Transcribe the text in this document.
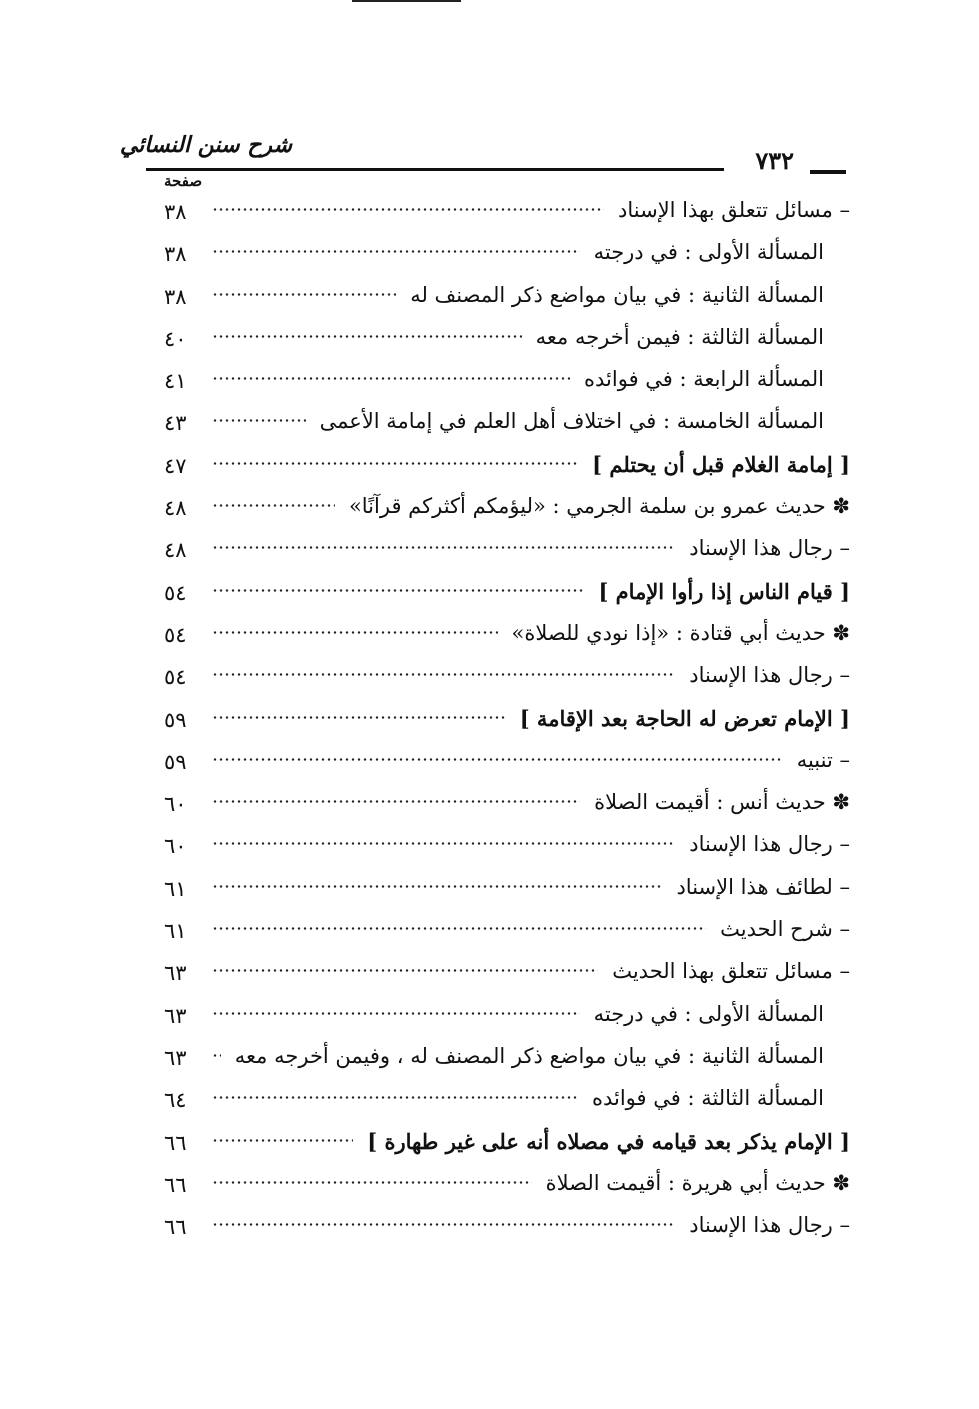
شرح سنن النسائي
٧٣٢
صفحة
٣٨	– مسائل تتعلق بهذا الإسناد
٣٨	المسألة الأولى : في درجته
٣٨	المسألة الثانية : في بيان مواضع ذكر المصنف له
٤٠	المسألة الثالثة : فيمن أخرجه معه
٤١	المسألة الرابعة : في فوائده
٤٣	المسألة الخامسة : في اختلاف أهل العلم في إمامة الأعمى
٤٧	[ إمامة الغلام قبل أن يحتلم ]
٤٨	✽ حديث عمرو بن سلمة الجرمي : «ليؤمكم أكثركم قرآنًا»
٤٨	– رجال هذا الإسناد
٥٤	[ قيام الناس إذا رأوا الإمام ]
٥٤	✽ حديث أبي قتادة : «إذا نودي للصلاة»
٥٤	– رجال هذا الإسناد
٥٩	[ الإمام تعرض له الحاجة بعد الإقامة ]
٥٩	– تنبيه
٦٠	✽ حديث أنس : أقيمت الصلاة
٦٠	– رجال هذا الإسناد
٦١	– لطائف هذا الإسناد
٦١	– شرح الحديث
٦٣	– مسائل تتعلق بهذا الحديث
٦٣	المسألة الأولى : في درجته
٦٣	المسألة الثانية : في بيان مواضع ذكر المصنف له ، وفيمن أخرجه معه
٦٤	المسألة الثالثة : في فوائده
٦٦	[ الإمام يذكر بعد قيامه في مصلاه أنه على غير طهارة ]
٦٦	✽ حديث أبي هريرة : أقيمت الصلاة
٦٦	– رجال هذا الإسناد
